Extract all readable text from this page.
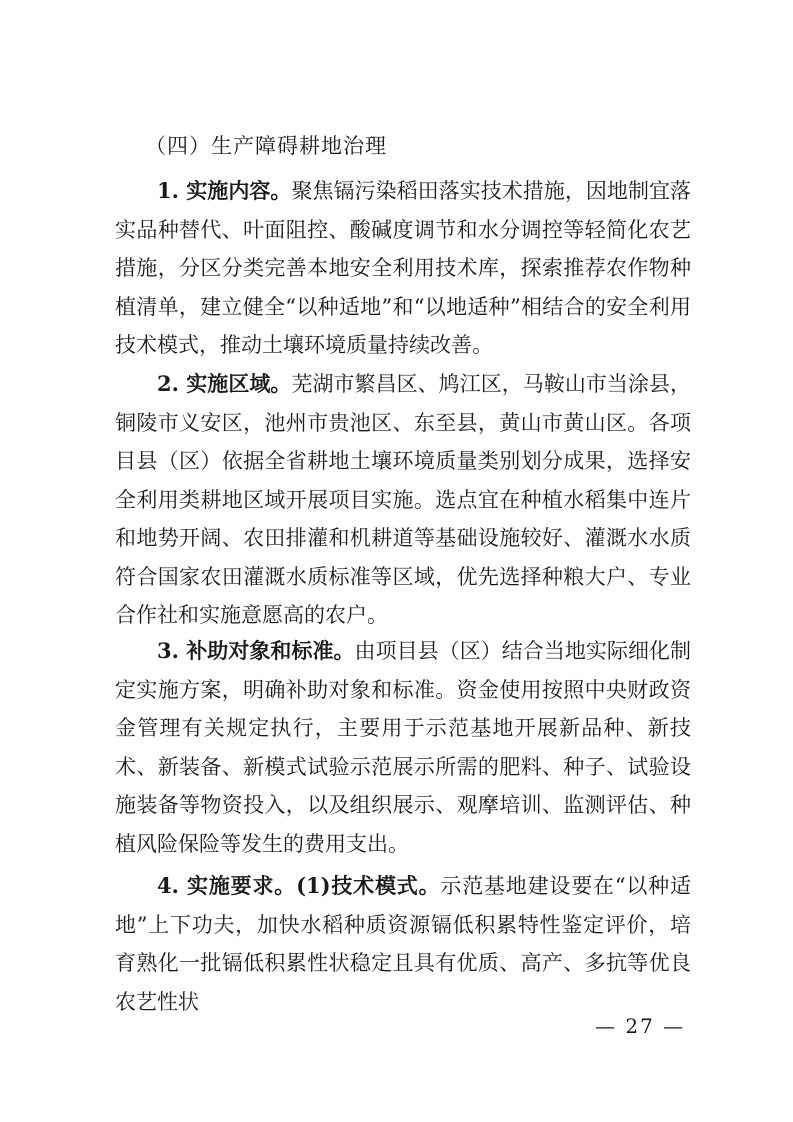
（四）生产障碍耕地治理

1. 实施内容。聚焦镉污染稻田落实技术措施，因地制宜落实品种替代、叶面阻控、酸碱度调节和水分调控等轻简化农艺措施，分区分类完善本地安全利用技术库，探索推荐农作物种植清单，建立健全“以种适地”和“以地适种”相结合的安全利用技术模式，推动土壤环境质量持续改善。

2. 实施区域。芜湖市繁昌区、鸠江区，马鞍山市当涂县，铜陵市义安区，池州市贵池区、东至县，黄山市黄山区。各项目县（区）依据全省耕地土壤环境质量类别划分成果，选择安全利用类耕地区域开展项目实施。选点宜在种植水稻集中连片和地势开阔、农田排灌和机耕道等基础设施较好、灌溉水水质符合国家农田灌溉水质标准等区域，优先选择种粮大户、专业合作社和实施意愿高的农户。

3. 补助对象和标准。由项目县（区）结合当地实际细化制定实施方案，明确补助对象和标准。资金使用按照中央财政资金管理有关规定执行，主要用于示范基地开展新品种、新技术、新装备、新模式试验示范展示所需的肥料、种子、试验设施装备等物资投入，以及组织展示、观摩培训、监测评估、种植风险保险等发生的费用支出。

4. 实施要求。(1)技术模式。示范基地建设要在“以种适地”上下功夫，加快水稻种质资源镉低积累特性鉴定评价，培育熟化一批镉低积累性状稳定且具有优质、高产、多抗等优良农艺性状

— 27 —
